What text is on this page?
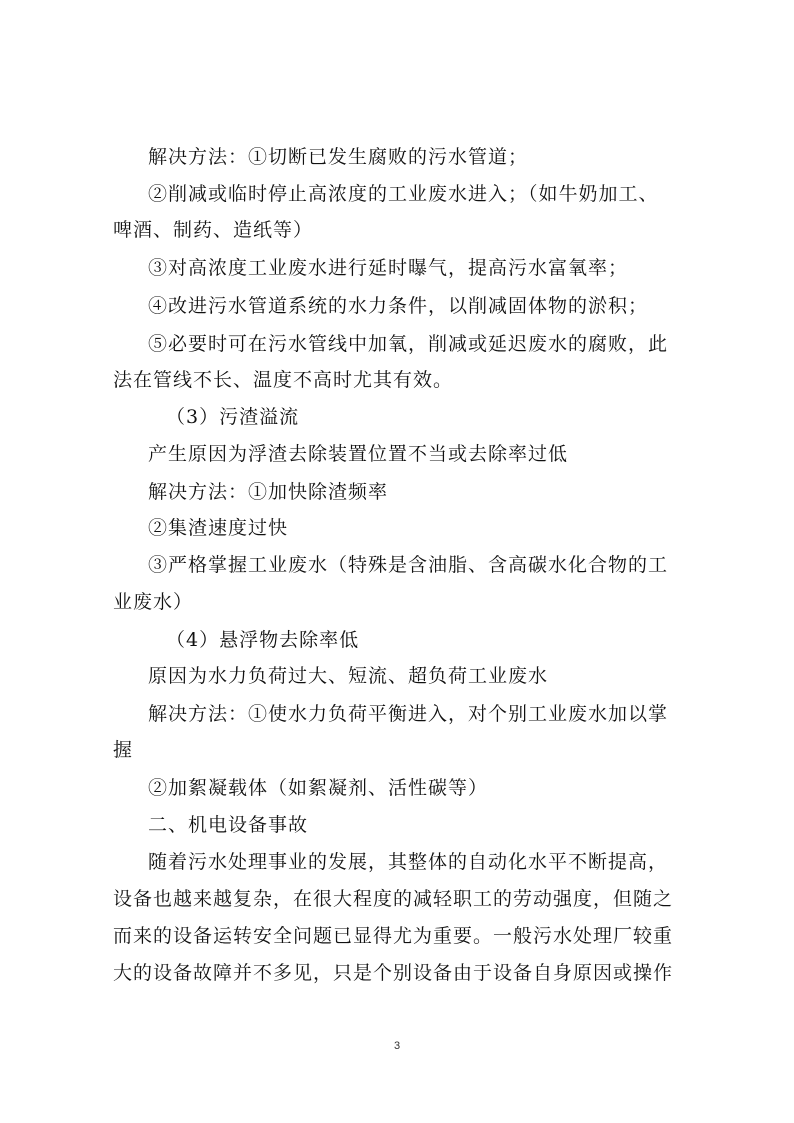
解决方法：①切断已发生腐败的污水管道；
②削减或临时停止高浓度的工业废水进入；（如牛奶加工、
啤酒、制药、造纸等）
③对高浓度工业废水进行延时曝气，提高污水富氧率；
④改进污水管道系统的水力条件，以削减固体物的淤积；
⑤必要时可在污水管线中加氧，削减或延迟废水的腐败，此
法在管线不长、温度不高时尤其有效。
（3）污渣溢流
产生原因为浮渣去除装置位置不当或去除率过低
解决方法：①加快除渣频率
②集渣速度过快
③严格掌握工业废水（特殊是含油脂、含高碳水化合物的工
业废水）
（4）悬浮物去除率低
原因为水力负荷过大、短流、超负荷工业废水
解决方法：①使水力负荷平衡进入，对个别工业废水加以掌
握
②加絮凝载体（如絮凝剂、活性碳等）
二、机电设备事故
随着污水处理事业的发展，其整体的自动化水平不断提高，
设备也越来越复杂，在很大程度的减轻职工的劳动强度，但随之
而来的设备运转安全问题已显得尤为重要。一般污水处理厂较重
大的设备故障并不多见，只是个别设备由于设备自身原因或操作
3
